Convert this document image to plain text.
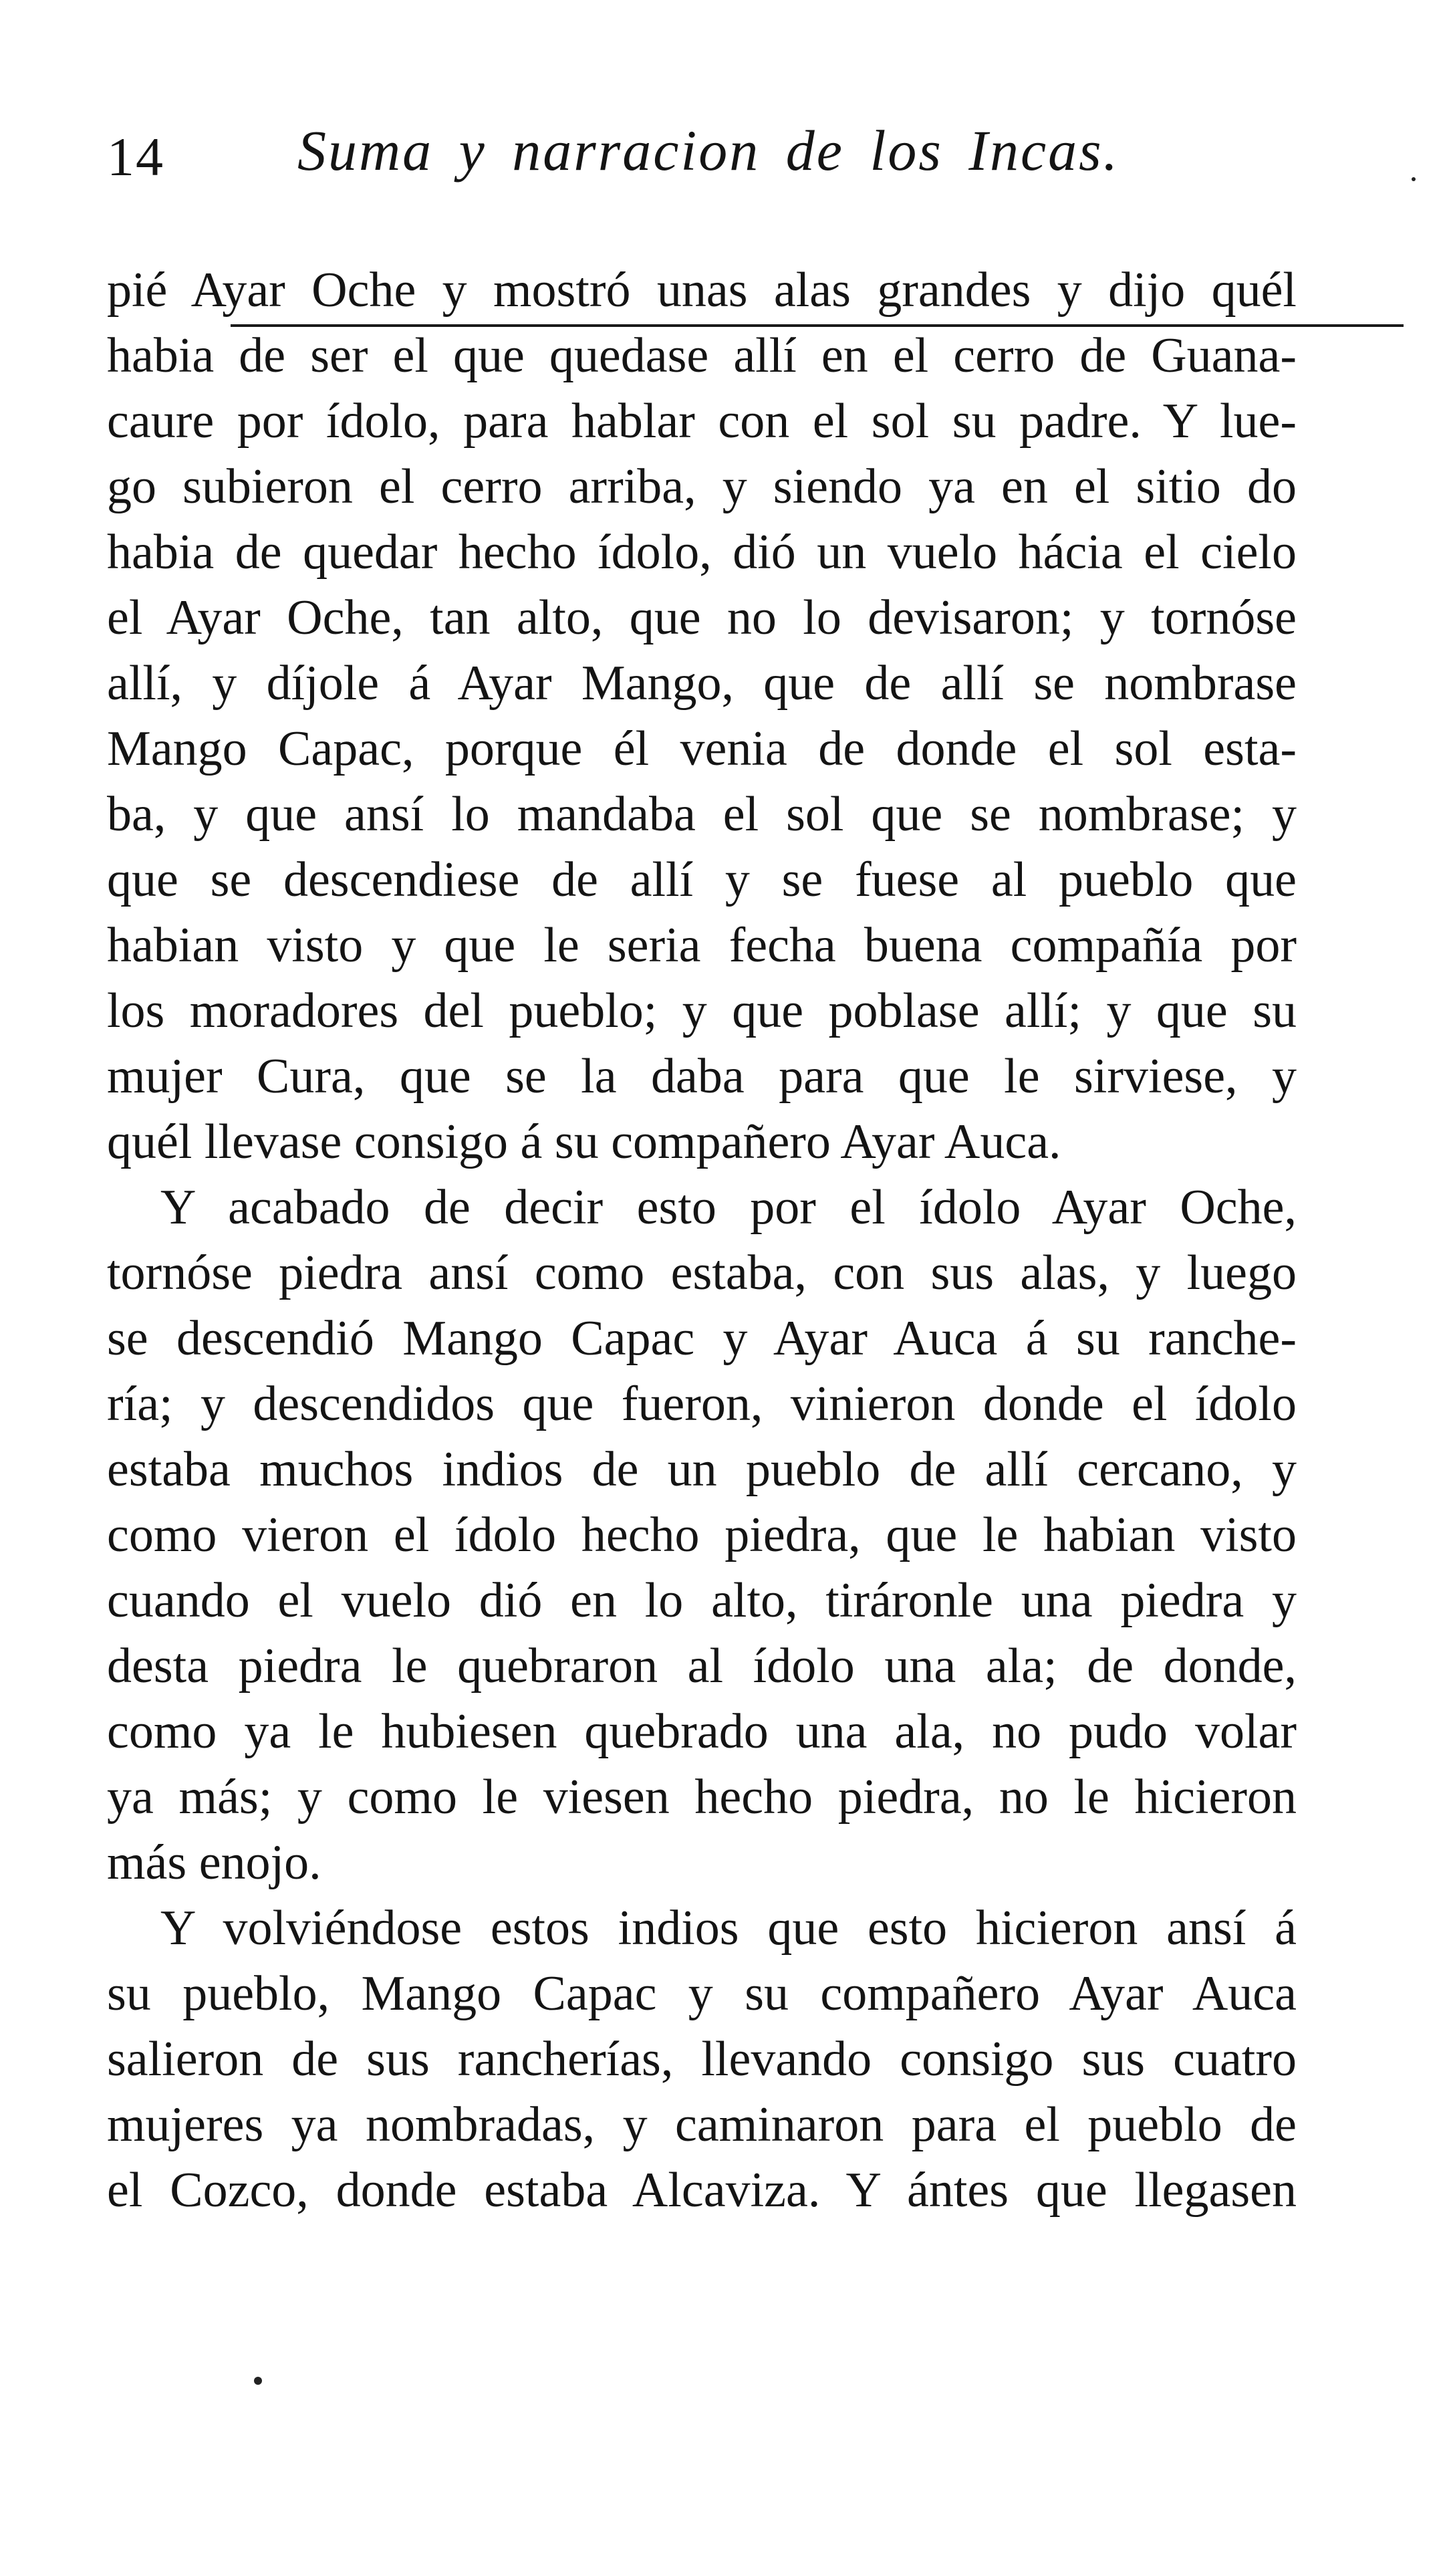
14 Suma y narracion de los Incas.
pié Ayar Oche y mostró unas alas grandes y dijo quél
habia de ser el que quedase allí en el cerro de Guana-
caure por ídolo, para hablar con el sol su padre. Y lue-
go subieron el cerro arriba, y siendo ya en el sitio do
habia de quedar hecho ídolo, dió un vuelo hácia el cielo
el Ayar Oche, tan alto, que no lo devisaron; y tornóse
allí, y díjole á Ayar Mango, que de allí se nombrase
Mango Capac, porque él venia de donde el sol esta-
ba, y que ansí lo mandaba el sol que se nombrase; y
que se descendiese de allí y se fuese al pueblo que
habian visto y que le seria fecha buena compañía por
los moradores del pueblo; y que poblase allí; y que su
mujer Cura, que se la daba para que le sirviese, y
quél llevase consigo á su compañero Ayar Auca.
Y acabado de decir esto por el ídolo Ayar Oche,
tornóse piedra ansí como estaba, con sus alas, y luego
se descendió Mango Capac y Ayar Auca á su ranche-
ría; y descendidos que fueron, vinieron donde el ídolo
estaba muchos indios de un pueblo de allí cercano, y
como vieron el ídolo hecho piedra, que le habian visto
cuando el vuelo dió en lo alto, tiráronle una piedra y
desta piedra le quebraron al ídolo una ala; de donde,
como ya le hubiesen quebrado una ala, no pudo volar
ya más; y como le viesen hecho piedra, no le hicieron
más enojo.
Y volviéndose estos indios que esto hicieron ansí á
su pueblo, Mango Capac y su compañero Ayar Auca
salieron de sus rancherías, llevando consigo sus cuatro
mujeres ya nombradas, y caminaron para el pueblo de
el Cozco, donde estaba Alcaviza. Y ántes que llegasen
